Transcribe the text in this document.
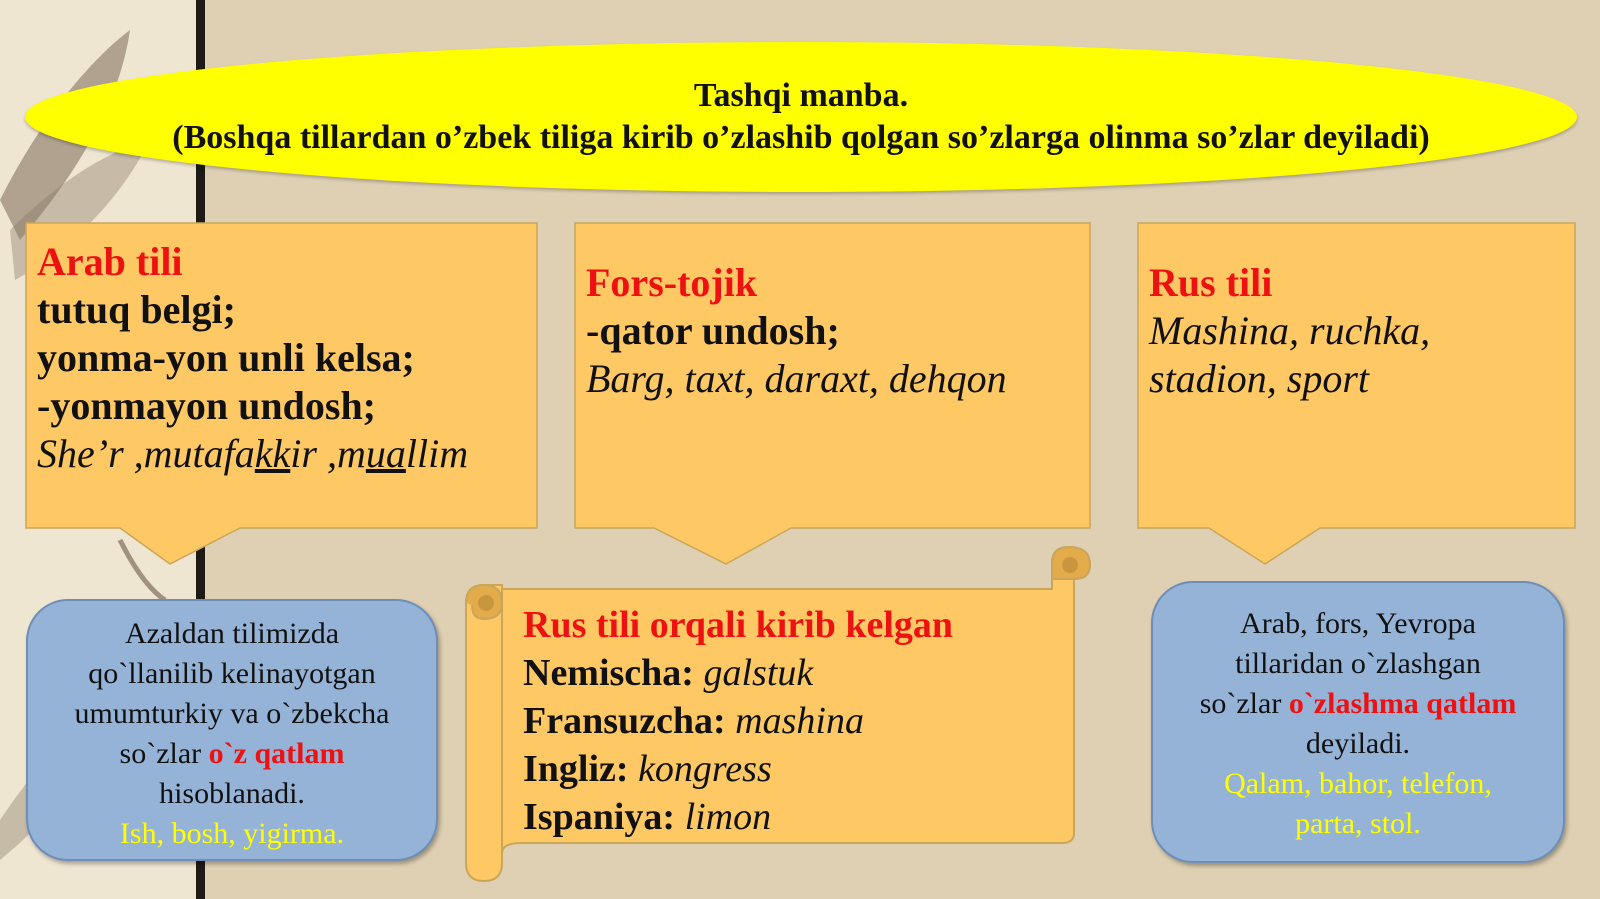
Tashqi manba.
(Boshqa tillardan o’zbek tiliga kirib o’zlashib qolgan so’zlarga olinma so’zlar deyiladi)
Arab tili
tutuq belgi;
yonma-yon unli kelsa;
-yonmayon undosh;
She’r ,mutafakkir ,muallim
Fors-tojik
-qator undosh;
Barg, taxt, daraxt, dehqon
Rus tili
Mashina, ruchka,
stadion, sport
Azaldan tilimizda
qo`llanilib kelinayotgan
umumturkiy va o`zbekcha
so`zlar o`z qatlam
hisoblanadi.
Ish, bosh, yigirma.
Rus tili orqali kirib kelgan
Nemischa: galstuk
Fransuzcha: mashina
Ingliz: kongress
Ispaniya: limon
Arab, fors, Yevropa
tillaridan o`zlashgan
so`zlar o`zlashma qatlam
deyiladi.
Qalam, bahor, telefon,
parta, stol.
